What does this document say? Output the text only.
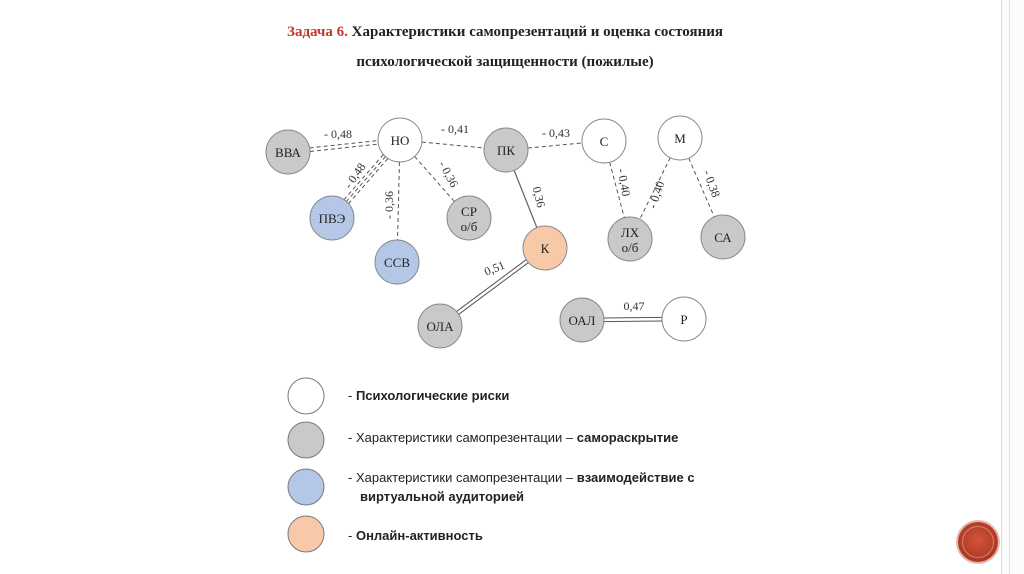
Задача 6. Характеристики самопрезентаций и оценка состояния
психологической защищенности (пожилые)
- 0,48	- 0,41	- 0,43
- 0,48
- 0,36
- 0,36
0,36	- 0,40 - 0,40	- 0,38
0,51
0,47
ВВА
НО
ПК
С	М
ПВЭ
ССВ
СР
о/б
К
ЛХ
о/б
СА
ОЛА	ОАЛ	Р
- Психологические риски
- Характеристики самопрезентации – самораскрытие
- Характеристики самопрезентации – взаимодействие с
виртуальной аудиторией
- Онлайн-активность
